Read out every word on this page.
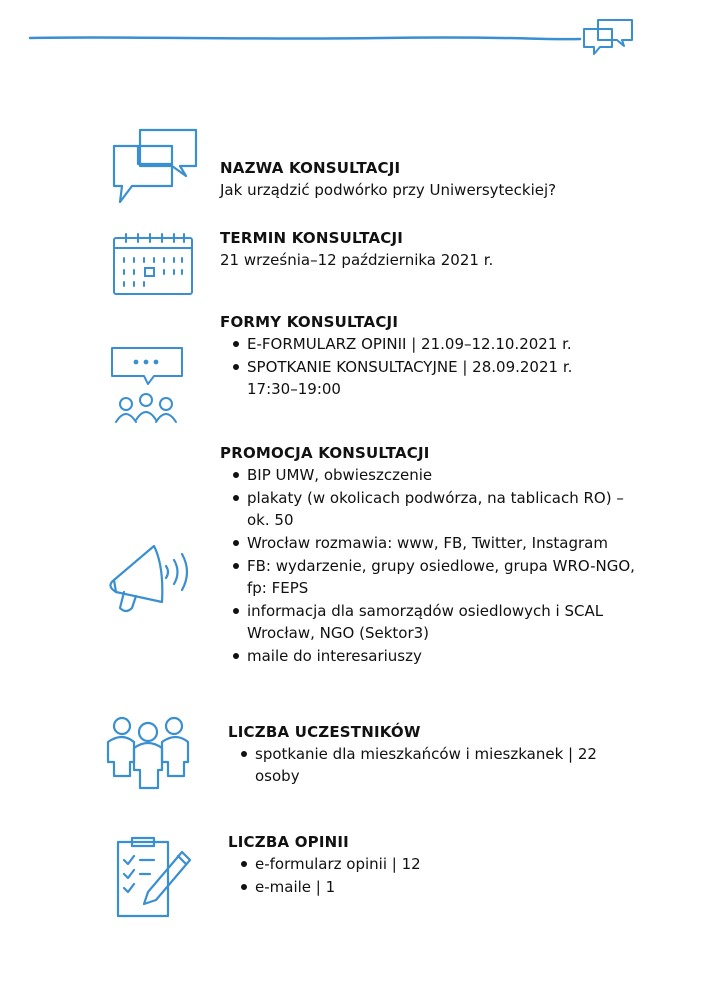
NAZWA KONSULTACJI

Jak urządzić podwórko przy Uniwersyteckiej?

TERMIN KONSULTACJI

21 września–12 października 2021 r.

FORMY KONSULTACJI

E-FORMULARZ OPINII | 21.09–12.10.2021 r.
SPOTKANIE KONSULTACYJNE | 28.09.2021 r. 17:30–19:00

PROMOCJA KONSULTACJI

BIP UMW, obwieszczenie
plakaty (w okolicach podwórza, na tablicach RO) – ok. 50
Wrocław rozmawia: www, FB, Twitter, Instagram
FB: wydarzenie, grupy osiedlowe, grupa WRO-NGO, fp: FEPS
informacja dla samorządów osiedlowych i SCAL Wrocław, NGO (Sektor3)
maile do interesariuszy

LICZBA UCZESTNIKÓW

spotkanie dla mieszkańców i mieszkanek | 22 osoby

LICZBA OPINII

e-formularz opinii | 12
e-maile | 1
